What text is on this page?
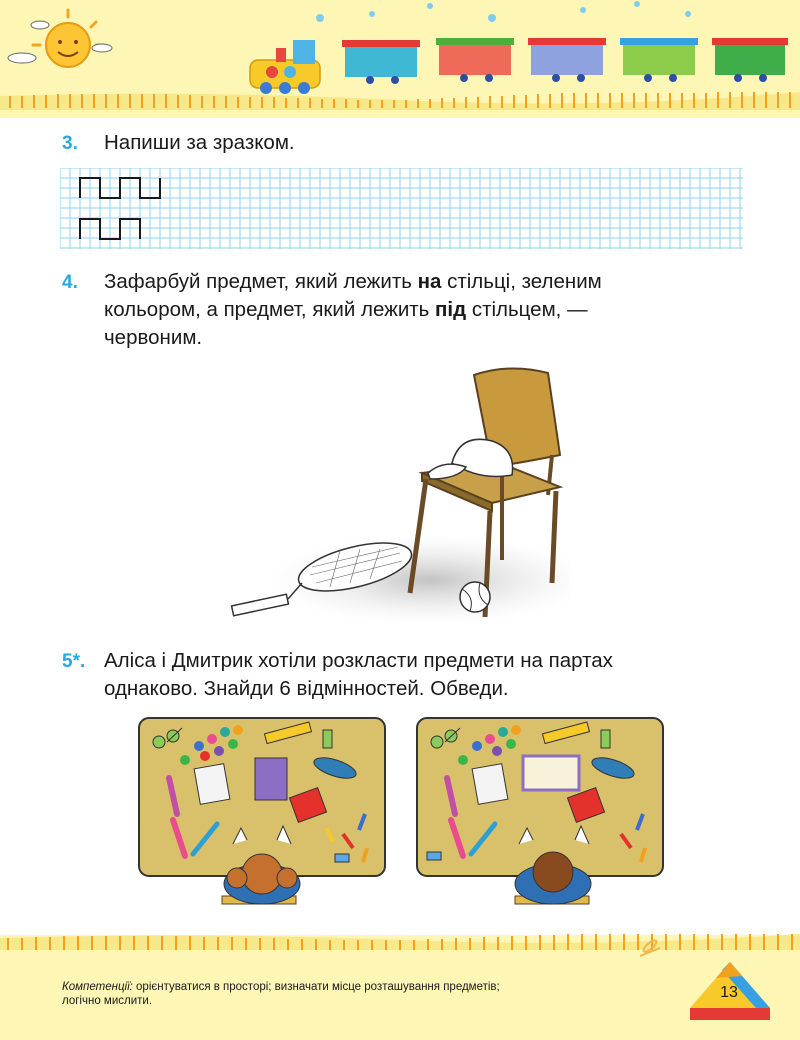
3. Напиши за зразком.
4. Зафарбуй предмет, який лежить на стільці, зеленим
кольором, а предмет, який лежить під стільцем, —
червоним.
5*. Аліса і Дмитрик хотіли розкласти предмети на партах
однаково. Знайди 6 відмінностей. Обведи.
Компетенції: орієнтуватися в просторі; визначати місце розташування предметів;
логічно мислити.	13
